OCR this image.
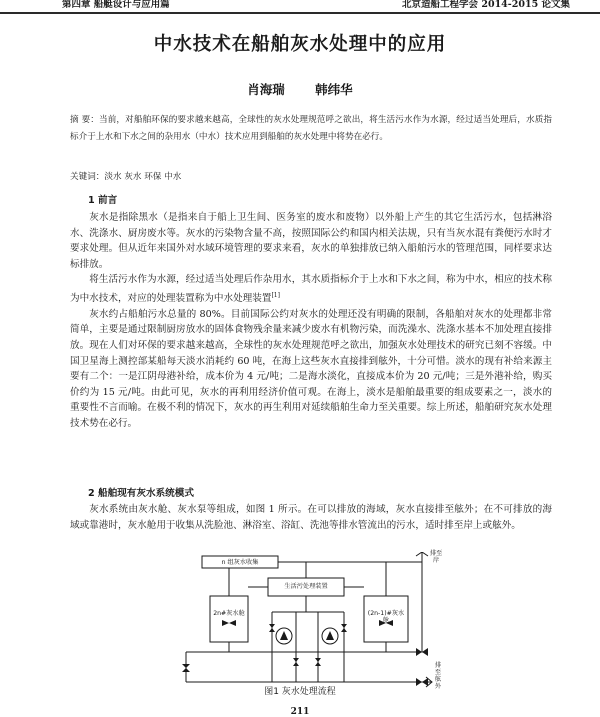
第四章 船艇设计与应用篇	北京造船工程学会 2014-2015 论文集
中水技术在船舶灰水处理中的应用
肖海瑞 韩纬华
摘 要：当前，对船舶环保的要求越来越高，全球性的灰水处理规范呼之欲出，将生活污水作为水源，经过适当处理后，水质指标介于上水和下水之间的杂用水（中水）技术应用到船舶的灰水处理中将势在必行。
关键词：淡水 灰水 环保 中水
1 前言

灰水是指除黑水（是指来自于船上卫生间、医务室的废水和废物）以外船上产生的其它生活污水，包括淋浴水、洗涤水、厨房废水等。灰水的污染物含量不高，按照国际公约和国内相关法规，只有当灰水混有粪便污水时才要求处理。但从近年来国外对水域环境管理的要求来看，灰水的单独排放已纳入船舶污水的管理范围，同样要求达标排放。

将生活污水作为水源，经过适当处理后作杂用水，其水质指标介于上水和下水之间，称为中水，相应的技术称为中水技术，对应的处理装置称为中水处理装置[1]

灰水约占船舶污水总量的 80%。目前国际公约对灰水的处理还没有明确的限制，各船舶对灰水的处理都非常简单，主要是通过限制厨房放水的固体食物残余量来减少废水有机物污染，而洗澡水、洗涤水基本不加处理直接排放。现在人们对环保的要求越来越高，全球性的灰水处理规范呼之欲出，加强灰水处理技术的研究已刻不容缓。中国卫星海上测控部某船每天淡水消耗约 60 吨，在海上这些灰水直接排到舷外，十分可惜。淡水的现有补给来源主要有二个：一是江阴母港补给，成本价为 4 元/吨；二是海水淡化，直接成本价为 20 元/吨；三是外港补给，购买价约为 15 元/吨。由此可见，灰水的再利用经济价值可观。在海上，淡水是船舶最重要的组成要素之一，淡水的重要性不言而喻。在极不利的情况下，灰水的再生利用对延续船舶生命力至关重要。综上所述，船舶研究灰水处理技术势在必行。

2 船舶现有灰水系统模式

灰水系统由灰水舱、灰水泵等组成，如图 1 所示。在可以排放的海域，灰水直接排至舷外；在不可排放的海域或靠港时，灰水舱用于收集从洗脸池、淋浴室、浴缸、洗池等排水管流出的污水，适时排至岸上或舷外。

n 组灰水收集
排至岸
生活污处理装置
2n#灰水舱	(2n-1)#灰水舱
排至舷外
图1 灰水处理流程
211
